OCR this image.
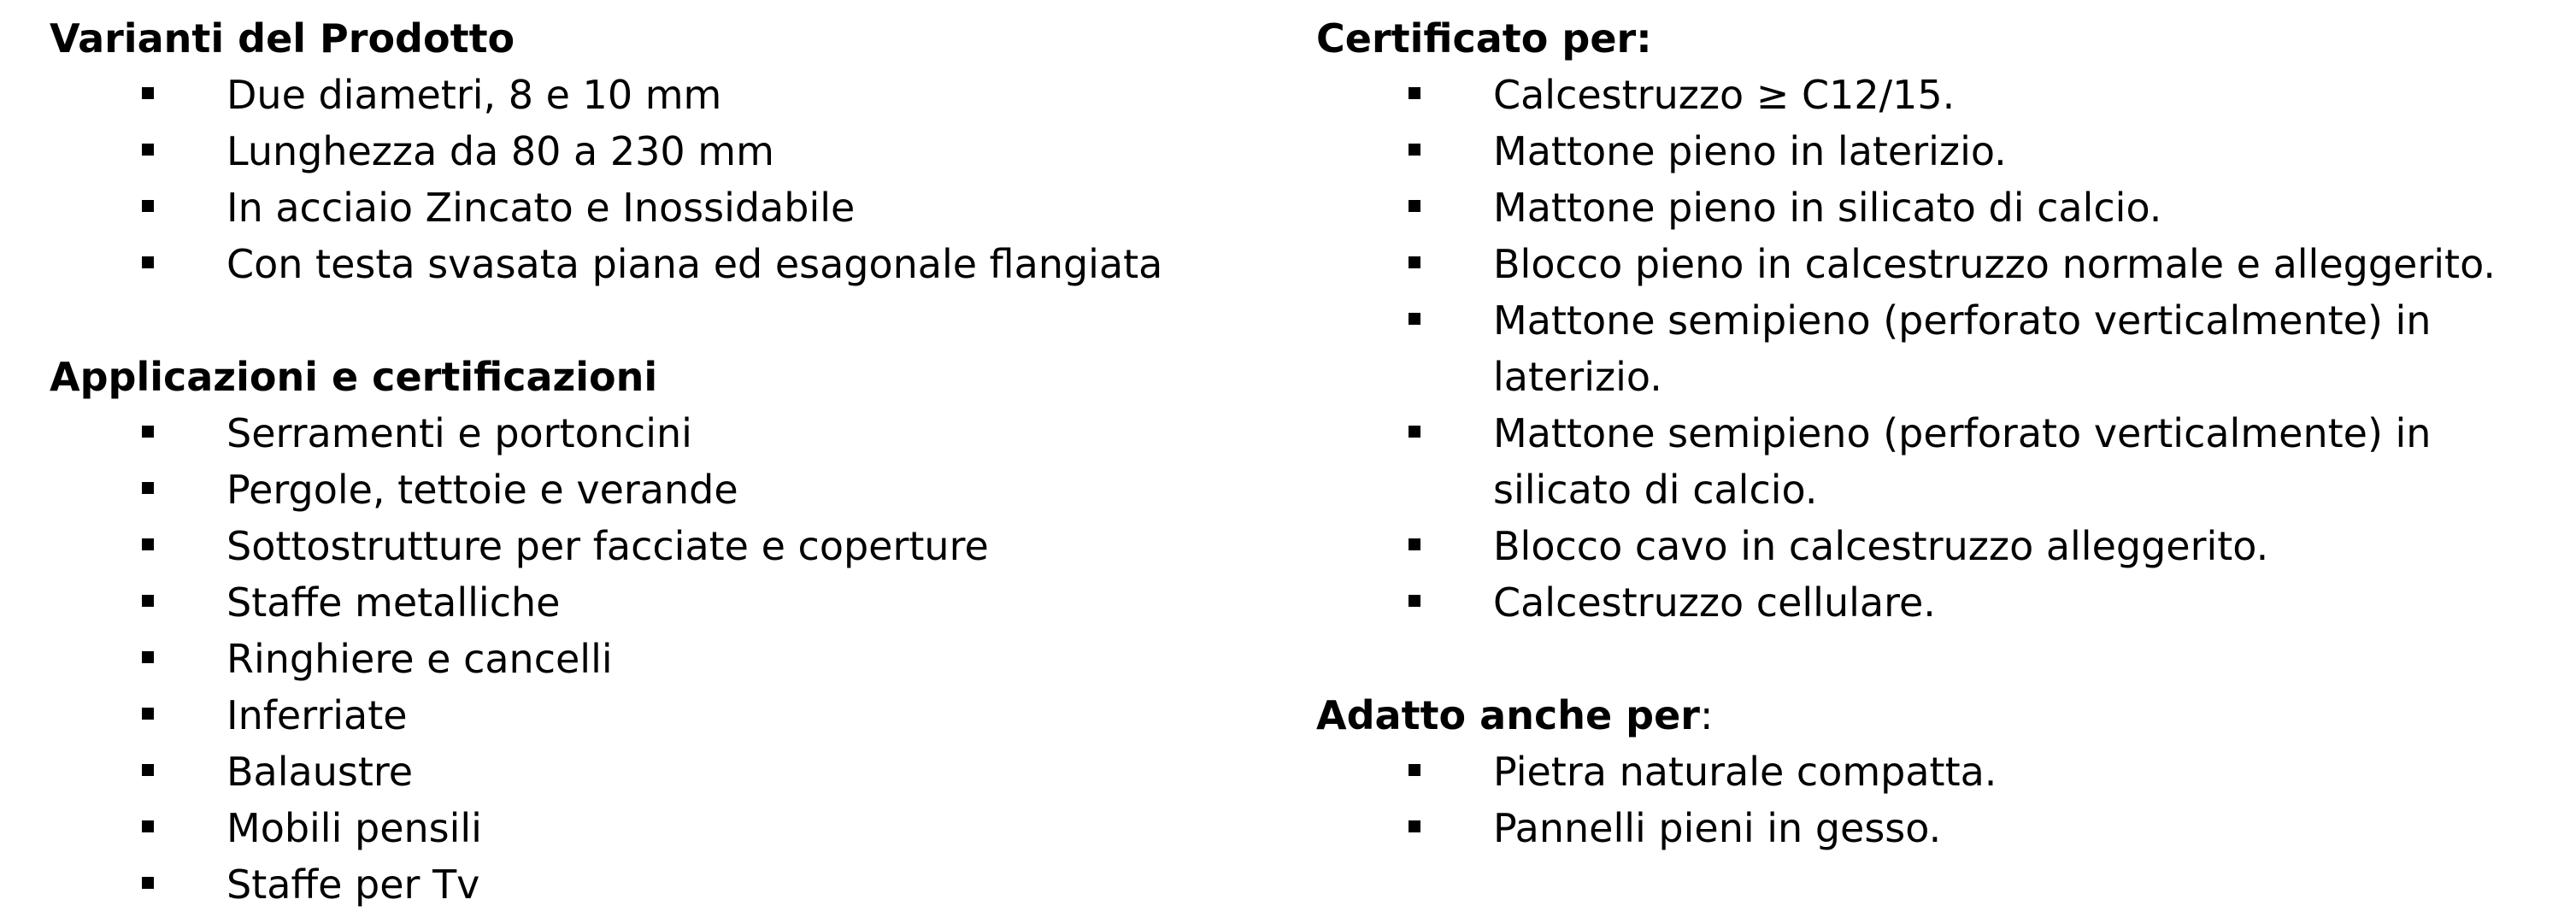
Varianti del Prodotto
Due diametri, 8 e 10 mm
Lunghezza da 80 a 230 mm
In acciaio Zincato e Inossidabile
Con testa svasata piana ed esagonale flangiata
Applicazioni e certificazioni
Serramenti e portoncini
Pergole, tettoie e verande
Sottostrutture per facciate e coperture
Staffe metalliche
Ringhiere e cancelli
Inferriate
Balaustre
Mobili pensili
Staffe per Tv
Certificato per:
Calcestruzzo ≥ C12/15.
Mattone pieno in laterizio.
Mattone pieno in silicato di calcio.
Blocco pieno in calcestruzzo normale e alleggerito.
Mattone semipieno (perforato verticalmente) in laterizio.
Mattone semipieno (perforato verticalmente) in silicato di calcio.
Blocco cavo in calcestruzzo alleggerito.
Calcestruzzo cellulare.
Adatto anche per:
Pietra naturale compatta.
Pannelli pieni in gesso.
